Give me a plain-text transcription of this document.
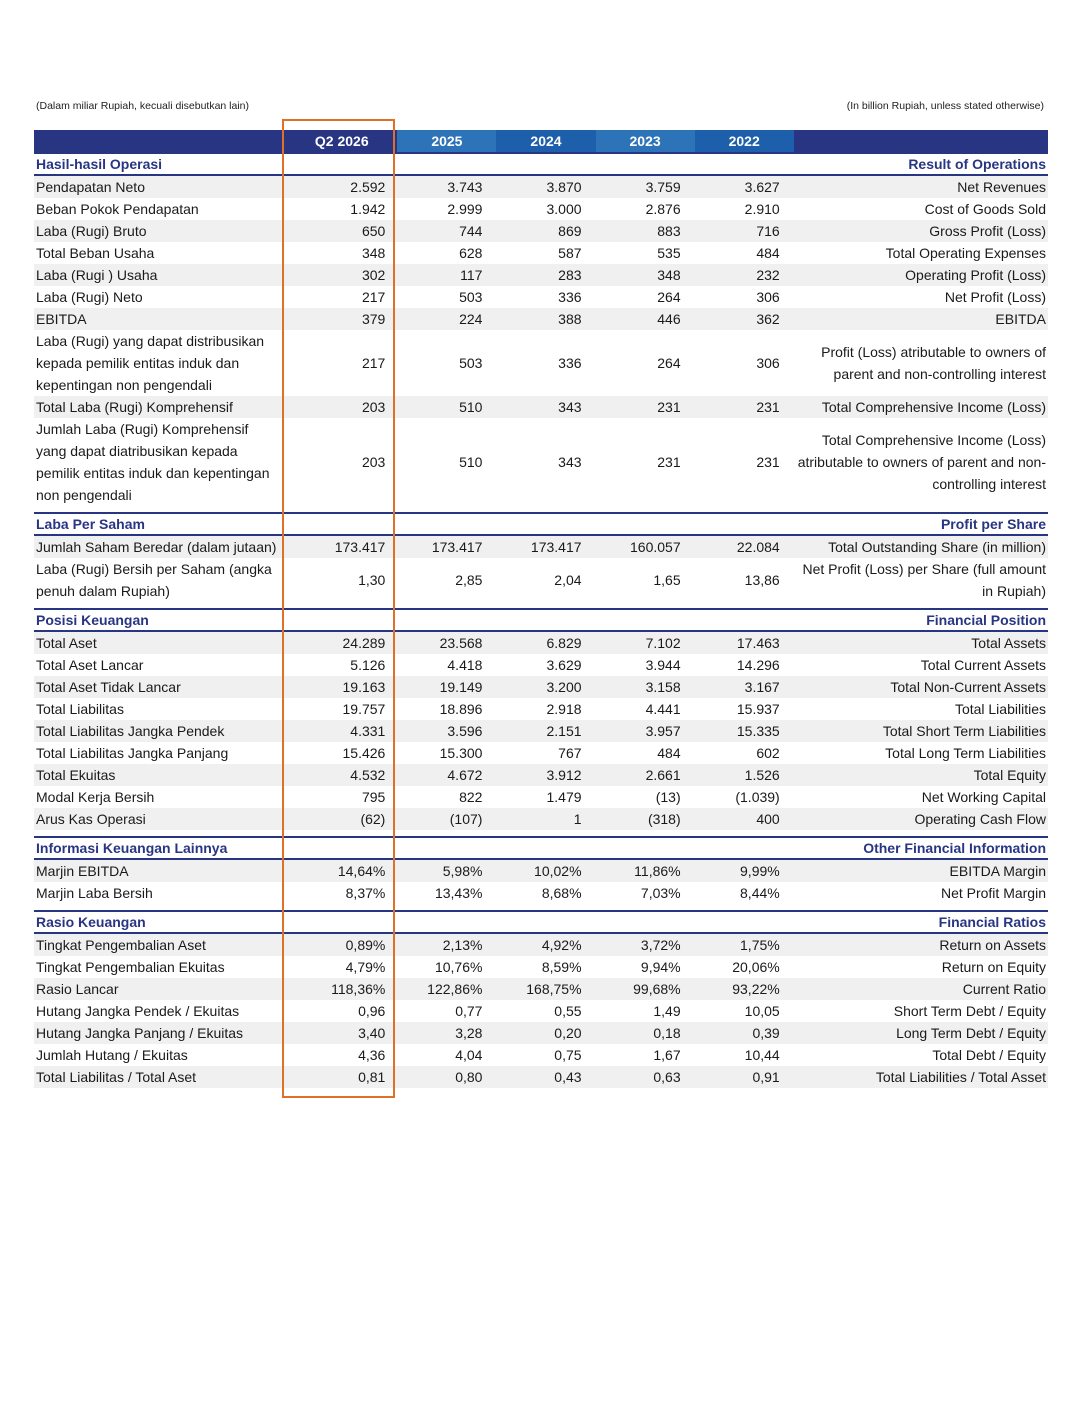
(Dalam miliar Rupiah, kecuali disebutkan lain)	(In billion Rupiah, unless stated otherwise)
	Q2 2026	2025	2024	2023	2022	
Hasil-hasil Operasi						Result of Operations
Pendapatan Neto	2.592	3.743	3.870	3.759	3.627	Net Revenues
Beban Pokok Pendapatan	1.942	2.999	3.000	2.876	2.910	Cost of Goods Sold
Laba (Rugi) Bruto	650	744	869	883	716	Gross Profit (Loss)
Total Beban Usaha	348	628	587	535	484	Total Operating Expenses
Laba (Rugi ) Usaha	302	117	283	348	232	Operating Profit (Loss)
Laba (Rugi) Neto	217	503	336	264	306	Net Profit (Loss)
EBITDA	379	224	388	446	362	EBITDA
Laba (Rugi) yang dapat distribusikan kepada pemilik entitas induk dan kepentingan non pengendali	217	503	336	264	306	Profit (Loss) atributable to owners of parent and non-controlling interest
Total Laba (Rugi) Komprehensif	203	510	343	231	231	Total Comprehensive Income (Loss)
Jumlah Laba (Rugi) Komprehensif yang dapat diatribusikan kepada pemilik entitas induk dan kepentingan non pengendali	203	510	343	231	231	Total Comprehensive Income (Loss) atributable to owners of parent and non-controlling interest

Laba Per Saham						Profit per Share
Jumlah Saham Beredar (dalam jutaan)	173.417	173.417	173.417	160.057	22.084	Total Outstanding Share (in million)
Laba (Rugi) Bersih per Saham (angka penuh dalam Rupiah)	1,30	2,85	2,04	1,65	13,86	Net Profit (Loss) per Share (full amount in Rupiah)

Posisi Keuangan						Financial Position
Total Aset	24.289	23.568	6.829	7.102	17.463	Total Assets
Total Aset Lancar	5.126	4.418	3.629	3.944	14.296	Total Current Assets
Total Aset Tidak Lancar	19.163	19.149	3.200	3.158	3.167	Total Non-Current Assets
Total Liabilitas	19.757	18.896	2.918	4.441	15.937	Total Liabilities
Total Liabilitas Jangka Pendek	4.331	3.596	2.151	3.957	15.335	Total Short Term Liabilities
Total Liabilitas Jangka Panjang	15.426	15.300	767	484	602	Total Long Term Liabilities
Total Ekuitas	4.532	4.672	3.912	2.661	1.526	Total Equity
Modal Kerja Bersih	795	822	1.479	(13)	(1.039)	Net Working Capital
Arus Kas Operasi	(62)	(107)	1	(318)	400	Operating Cash Flow

Informasi Keuangan Lainnya						Other Financial Information
Marjin EBITDA	14,64%	5,98%	10,02%	11,86%	9,99%	EBITDA Margin
Marjin Laba Bersih	8,37%	13,43%	8,68%	7,03%	8,44%	Net Profit Margin

Rasio Keuangan						Financial Ratios
Tingkat Pengembalian Aset	0,89%	2,13%	4,92%	3,72%	1,75%	Return on Assets
Tingkat Pengembalian Ekuitas	4,79%	10,76%	8,59%	9,94%	20,06%	Return on Equity
Rasio Lancar	118,36%	122,86%	168,75%	99,68%	93,22%	Current Ratio
Hutang Jangka Pendek / Ekuitas	0,96	0,77	0,55	1,49	10,05	Short Term Debt / Equity
Hutang Jangka Panjang / Ekuitas	3,40	3,28	0,20	0,18	0,39	Long Term Debt / Equity
Jumlah Hutang / Ekuitas	4,36	4,04	0,75	1,67	10,44	Total Debt / Equity
Total Liabilitas / Total Aset	0,81	0,80	0,43	0,63	0,91	Total Liabilities / Total Asset
